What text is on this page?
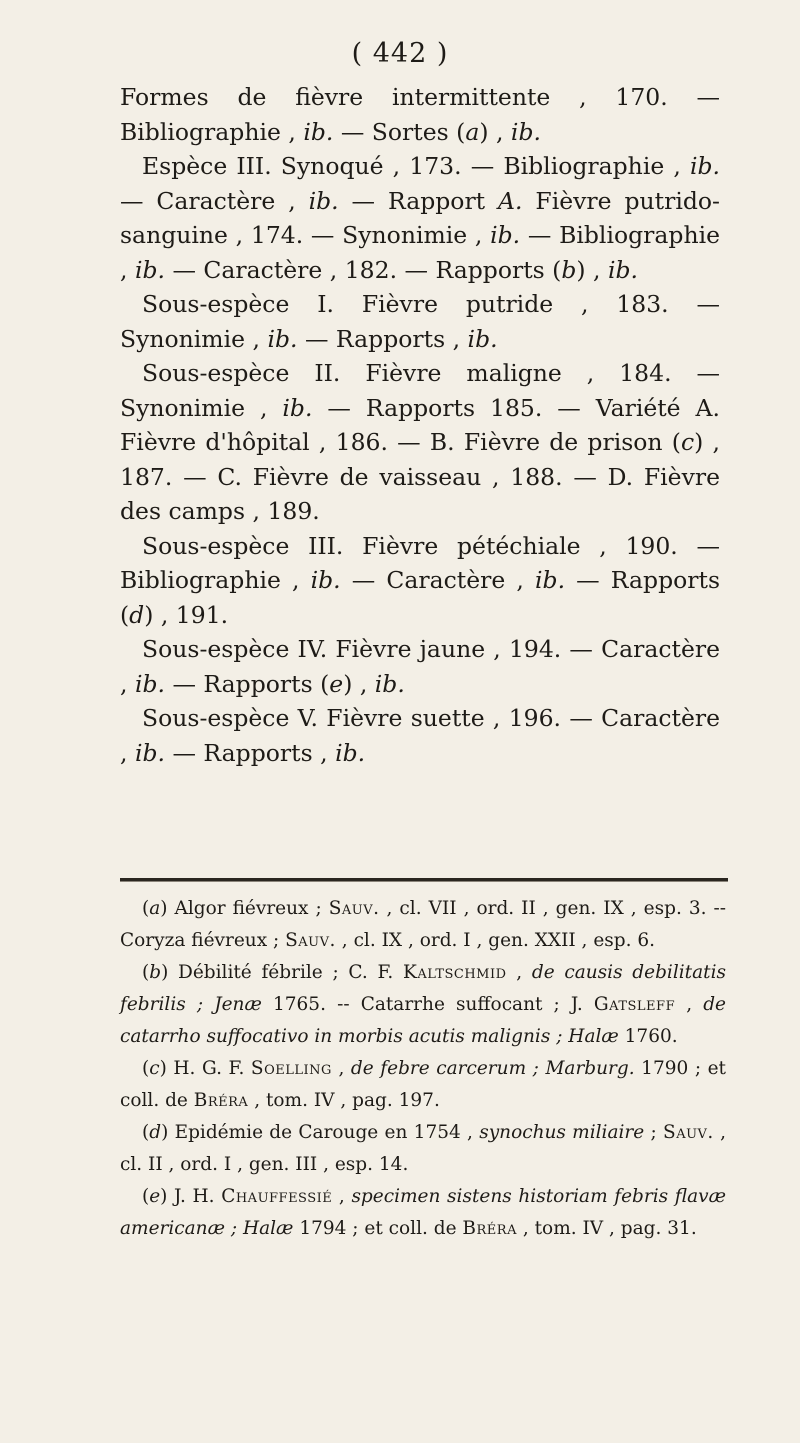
( 442 )

Formes de fièvre intermittente , 170. — Bibliographie , ib. — Sortes (a) , ib.

Espèce III. Synoqué , 173. — Bibliographie , ib. — Caractère , ib. — Rapport A. Fièvre putrido-sanguine , 174. — Synonimie , ib. — Bibliographie , ib. — Caractère , 182. — Rapports (b) , ib.

Sous-espèce I. Fièvre putride , 183. — Synonimie , ib. — Rapports , ib.

Sous-espèce II. Fièvre maligne , 184. — Synonimie , ib. — Rapports 185. — Variété A. Fièvre d'hôpital , 186. — B. Fièvre de prison (c) , 187. — C. Fièvre de vaisseau , 188. — D. Fièvre des camps , 189.

Sous-espèce III. Fièvre pétéchiale , 190. — Bibliographie , ib. — Caractère , ib. — Rapports (d) , 191.

Sous-espèce IV. Fièvre jaune , 194. — Caractère , ib. — Rapports (e) , ib.

Sous-espèce V. Fièvre suette , 196. — Caractère , ib. — Rapports , ib.

(a) Algor fiévreux ; Sauv. , cl. VII , ord. II , gen. IX , esp. 3. -- Coryza fiévreux ; Sauv. , cl. IX , ord. I , gen. XXII , esp. 6.

(b) Débilité fébrile ; C. F. Kaltschmid , de causis debilitatis febrilis ; Jenæ 1765. -- Catarrhe suffocant ; J. Gatsleff , de catarrho suffocativo in morbis acutis malignis ; Halæ 1760.

(c) H. G. F. Soelling , de febre carcerum ; Marburg. 1790 ; et coll. de Bréra , tom. IV , pag. 197.

(d) Epidémie de Carouge en 1754 , synochus miliaire ; Sauv. , cl. II , ord. I , gen. III , esp. 14.

(e) J. H. Chauffessié , specimen sistens historiam febris flavæ americanæ ; Halæ 1794 ; et coll. de Bréra , tom. IV , pag. 31.
